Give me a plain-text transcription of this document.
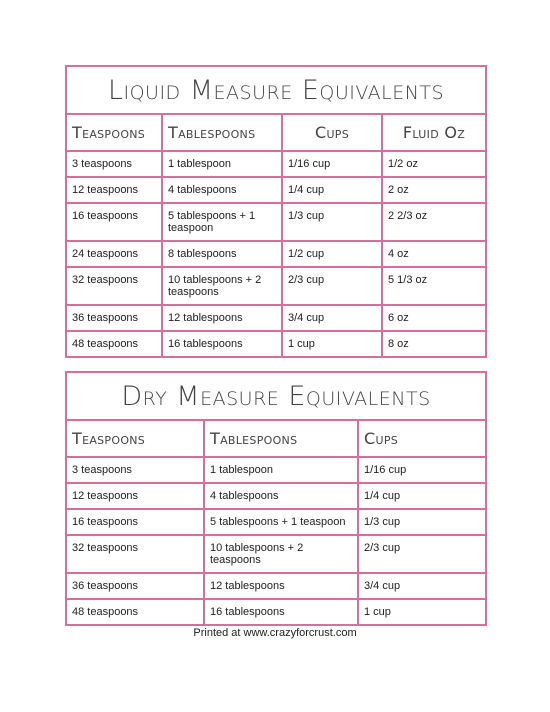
Liquid Measure Equivalents			
Teaspoons	Tablespoons	Cups	Fluid Oz
3 teaspoons	1 tablespoon	1/16 cup	1/2 oz
12 teaspoons	4 tablespoons	1/4 cup	2 oz
16 teaspoons	5 tablespoons + 1 teaspoon	1/3 cup	2 2/3 oz
24 teaspoons	8 tablespoons	1/2 cup	4 oz
32 teaspoons	10 tablespoons + 2 teaspoons	2/3 cup	5 1/3 oz
36 teaspoons	12 tablespoons	3/4 cup	6 oz
48 teaspoons	16 tablespoons	1 cup	8 oz
Dry Measure Equivalents		
Teaspoons	Tablespoons	Cups
3 teaspoons	1 tablespoon	1/16 cup
12 teaspoons	4 tablespoons	1/4 cup
16 teaspoons	5 tablespoons + 1 teaspoon	1/3 cup
32 teaspoons	10 tablespoons + 2 teaspoons	2/3 cup
36 teaspoons	12 tablespoons	3/4 cup
48 teaspoons	16 tablespoons	1 cup
Printed at www.crazyforcrust.com
